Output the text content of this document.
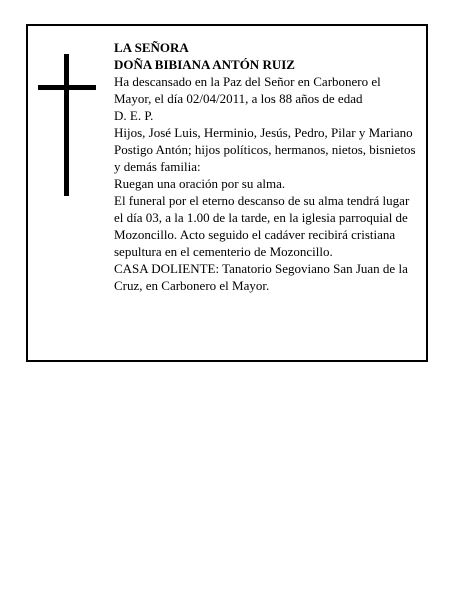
LA SEÑORA

DOÑA BIBIANA ANTÓN RUIZ

Ha descansado en la Paz del Señor en Carbonero el Mayor, el día 02/04/2011, a los 88 años de edad

D. E. P.

Hijos, José Luis, Herminio, Jesús, Pedro, Pilar y Mariano Postigo Antón; hijos políticos, hermanos, nietos, bisnietos y demás familia:

Ruegan una oración por su alma.

El funeral por el eterno descanso de su alma tendrá lugar el día 03, a la 1.00 de la tarde, en la iglesia parroquial de Mozoncillo. Acto seguido el cadáver recibirá cristiana sepultura en el cementerio de Mozoncillo.

CASA DOLIENTE: Tanatorio Segoviano San Juan de la Cruz, en Carbonero el Mayor.
